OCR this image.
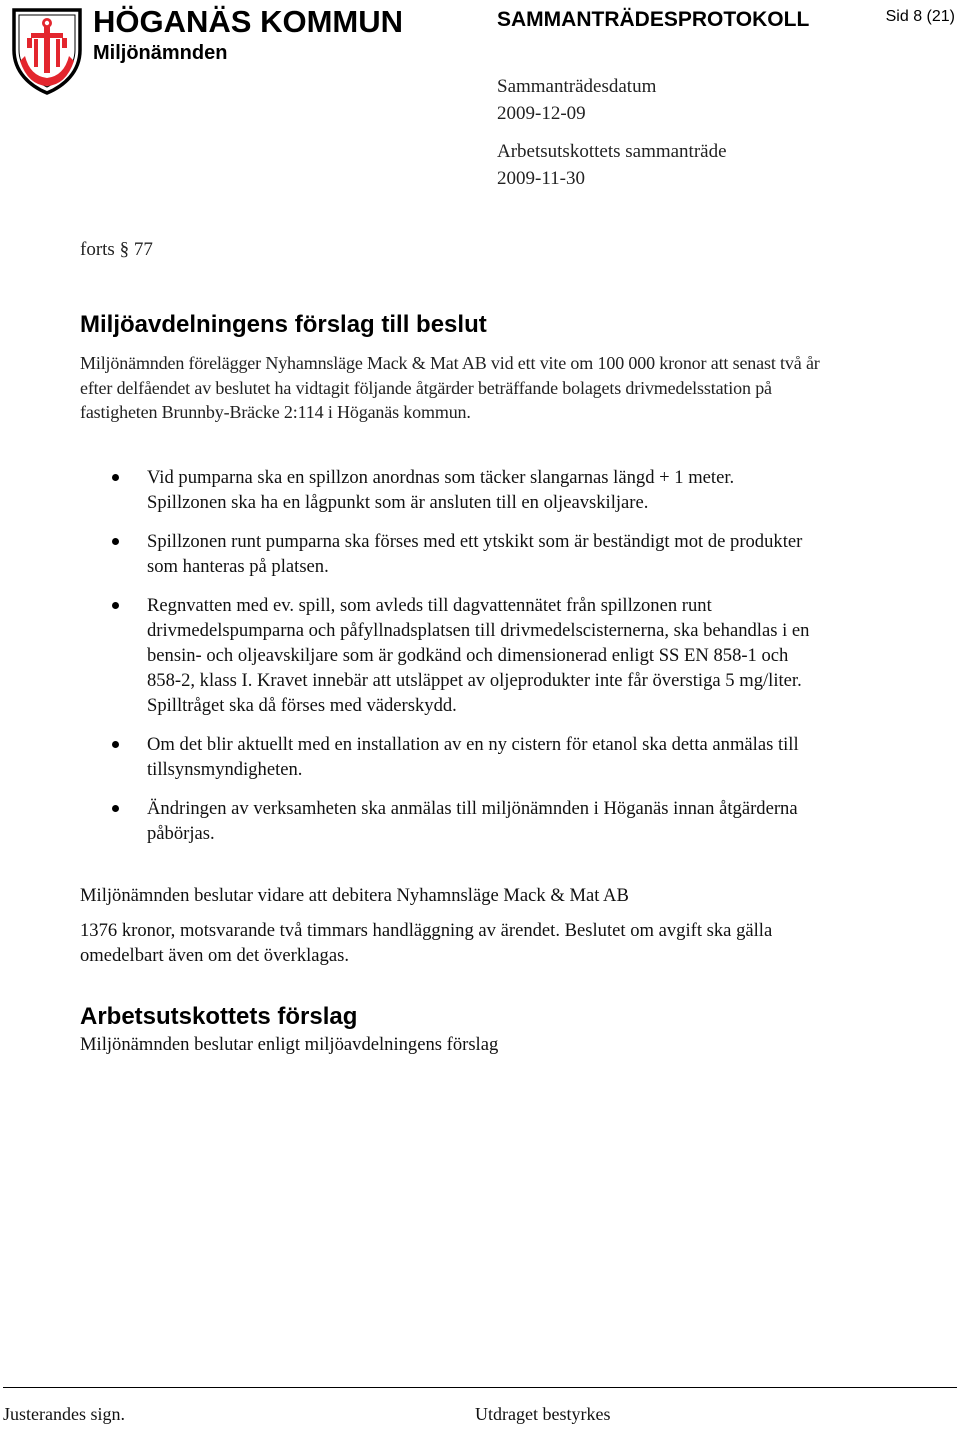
HÖGANÄS KOMMUN
Miljönämnden
SAMMANTRÄDESPROTOKOLL	Sid 8 (21)
Sammanträdesdatum
2009-12-09
Arbetsutskottets sammanträde
2009-11-30
forts § 77
Miljöavdelningens förslag till beslut
Miljönämnden förelägger Nyhamnsläge Mack & Mat AB vid ett vite om 100 000 kronor att senast två år efter delfåendet av beslutet ha vidtagit följande åtgärder beträffande bolagets drivmedelsstation på fastigheten Brunnby-Bräcke 2:114 i Höganäs kommun.
Vid pumparna ska en spillzon anordnas som täcker slangarnas längd + 1 meter. Spillzonen ska ha en lågpunkt som är ansluten till en oljeavskiljare.
Spillzonen runt pumparna ska förses med ett ytskikt som är beständigt mot de produkter som hanteras på platsen.
Regnvatten med ev. spill, som avleds till dagvattennätet från spillzonen runt drivmedelspumparna och påfyllnadsplatsen till drivmedelscisternerna, ska behandlas i en bensin- och oljeavskiljare som är godkänd och dimensionerad enligt SS EN 858-1 och 858-2, klass I. Kravet innebär att utsläppet av oljeprodukter inte får överstiga 5 mg/liter. Spilltråget ska då förses med väderskydd.
Om det blir aktuellt med en installation av en ny cistern för etanol ska detta anmälas till tillsynsmyndigheten.
Ändringen av verksamheten ska anmälas till miljönämnden i Höganäs innan åtgärderna påbörjas.
Miljönämnden beslutar vidare att debitera Nyhamnsläge Mack & Mat AB
1376 kronor, motsvarande två timmars handläggning av ärendet. Beslutet om avgift ska gälla omedelbart även om det överklagas.
Arbetsutskottets förslag
Miljönämnden beslutar enligt miljöavdelningens förslag
Justerandes sign.	Utdraget bestyrkes
